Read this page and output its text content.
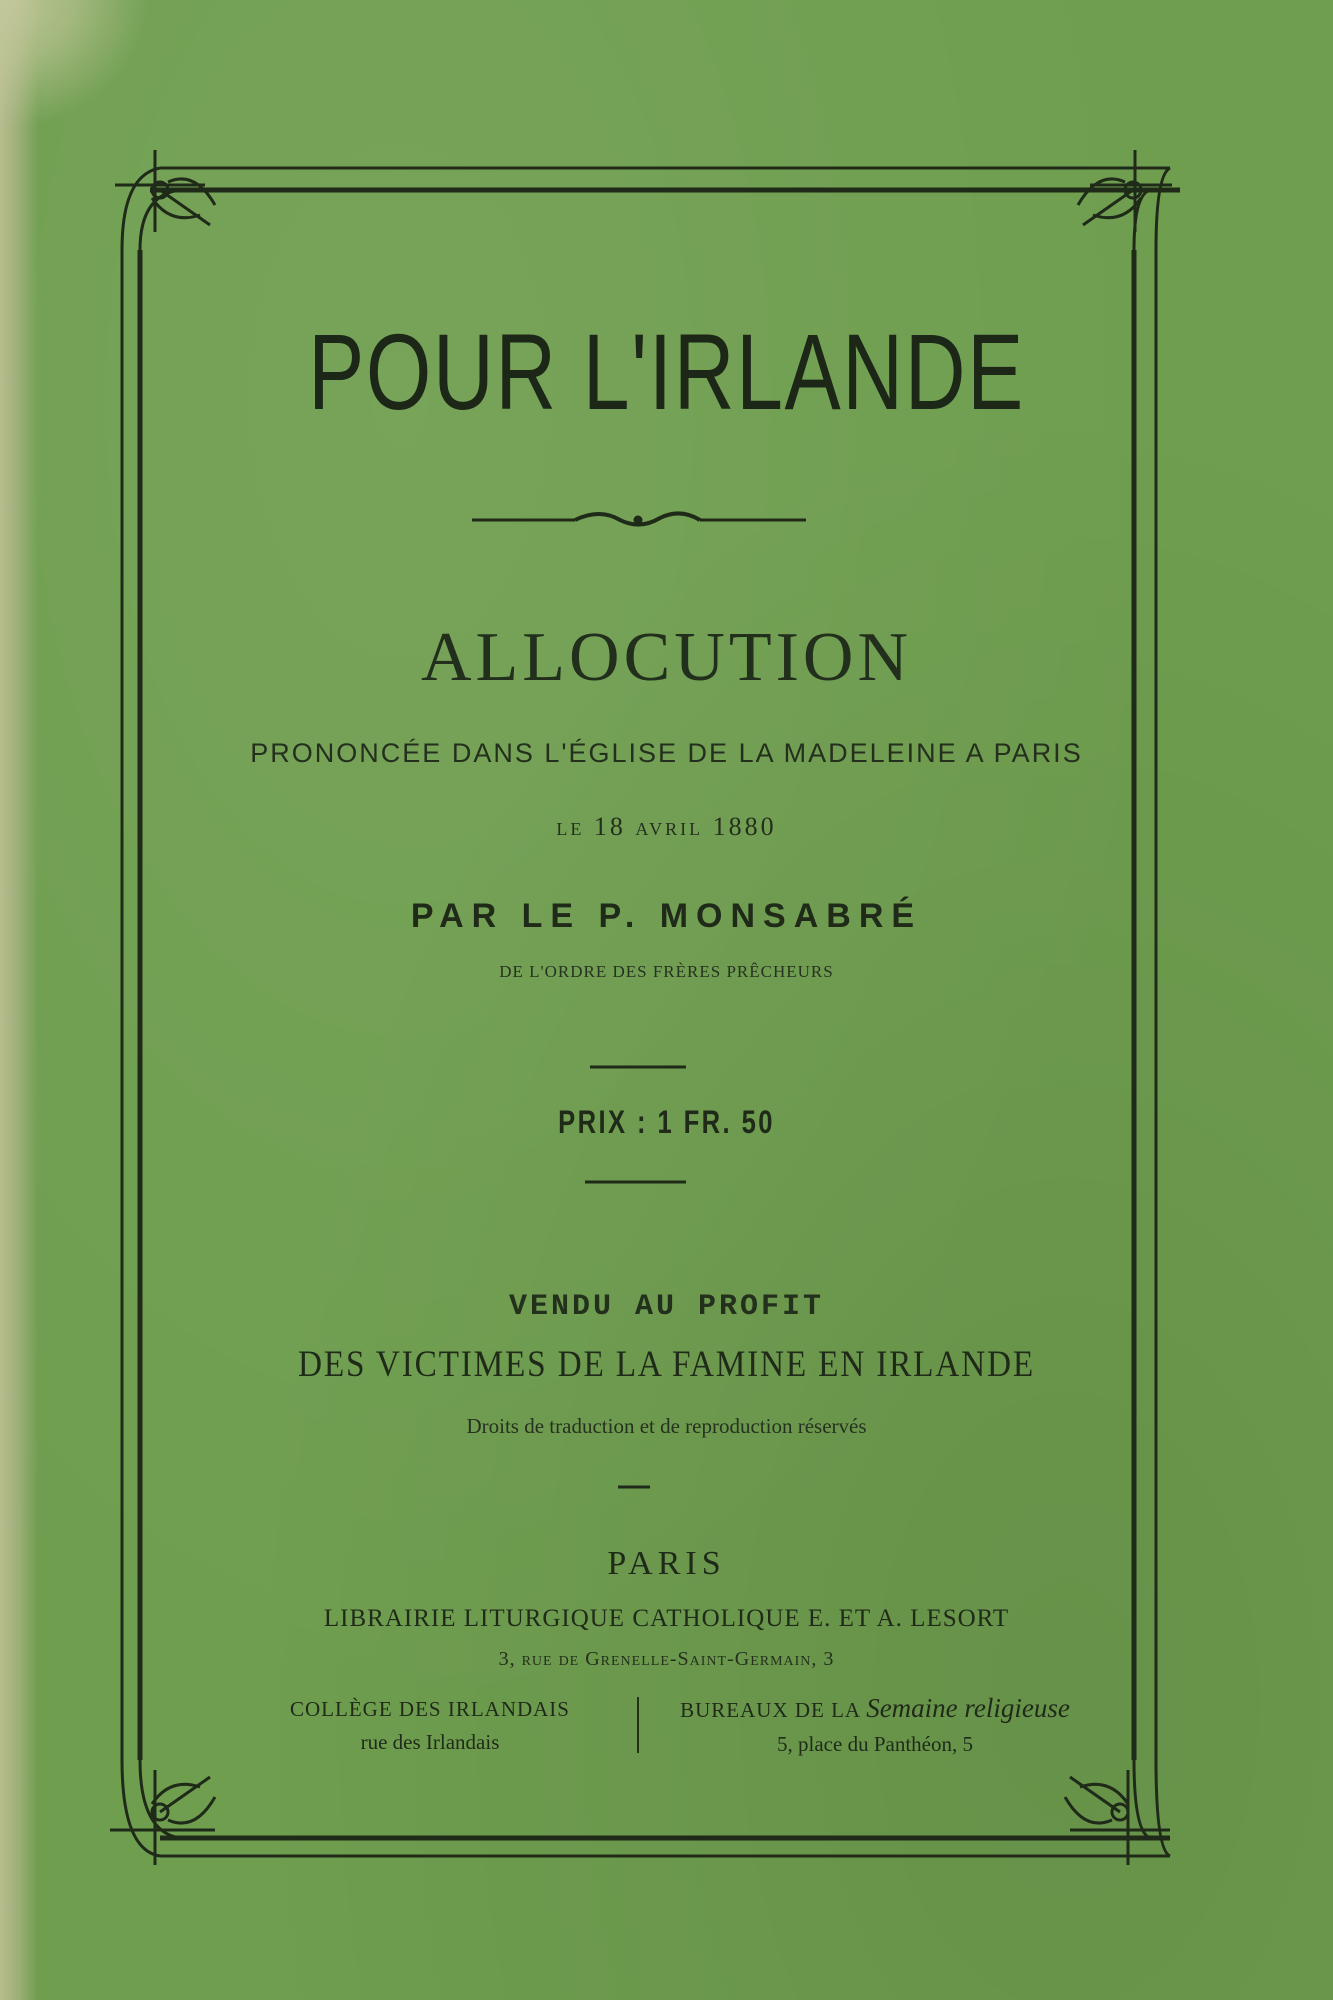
POUR L'IRLANDE
ALLOCUTION
PRONONCÉE DANS L'ÉGLISE DE LA MADELEINE A PARIS
le 18 avril 1880
PAR LE P. MONSABRÉ
DE L'ORDRE DES FRÈRES PRÊCHEURS
PRIX : 1 FR. 50
VENDU AU PROFIT
DES VICTIMES DE LA FAMINE EN IRLANDE
Droits de traduction et de reproduction réservés
PARIS
LIBRAIRIE LITURGIQUE CATHOLIQUE E. ET A. LESORT
3, rue de Grenelle-Saint-Germain, 3
COLLÈGE DES IRLANDAIS
rue des Irlandais
BUREAUX DE LA Semaine religieuse
5, place du Panthéon, 5
